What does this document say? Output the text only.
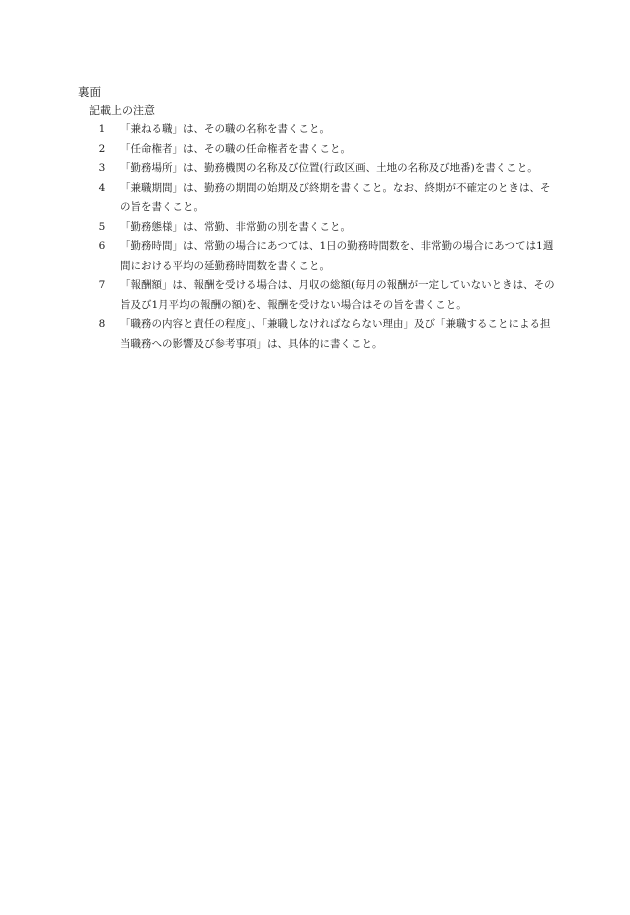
裏面
記載上の注意
1 「兼ねる職」は、その職の名称を書くこと。
2 「任命権者」は、その職の任命権者を書くこと。
3 「勤務場所」は、勤務機関の名称及び位置(行政区画、土地の名称及び地番)を書くこと。
4 「兼職期間」は、勤務の期間の始期及び終期を書くこと。なお、終期が不確定のときは、その旨を書くこと。
5 「勤務態様」は、常勤、非常勤の別を書くこと。
6 「勤務時間」は、常勤の場合にあつては、1日の勤務時間数を、非常勤の場合にあつては1週間における平均の延勤務時間数を書くこと。
7 「報酬額」は、報酬を受ける場合は、月収の総額(毎月の報酬が一定していないときは、その旨及び1月平均の報酬の額)を、報酬を受けない場合はその旨を書くこと。
8 「職務の内容と責任の程度」、「兼職しなければならない理由」及び「兼職することによる担当職務への影響及び参考事項」は、具体的に書くこと。
